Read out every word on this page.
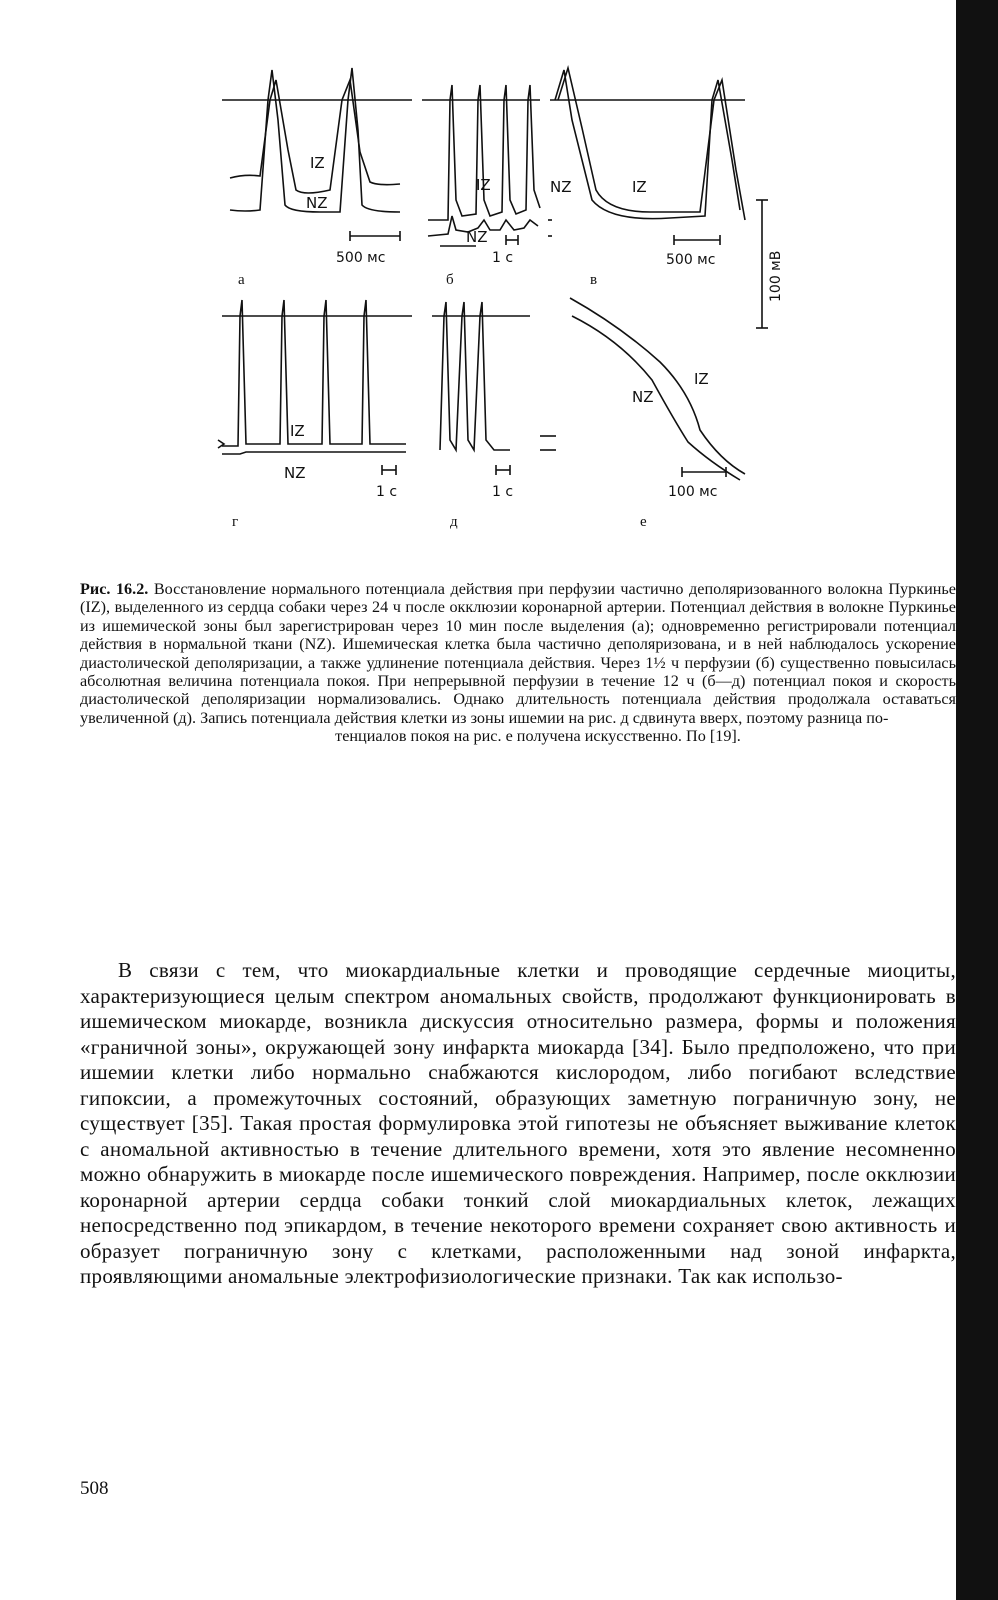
IZ
NZ
IZ
NZ
NZ	IZ
IZ
NZ
IZ
NZ
500 мс	1 с	500 мс
1 с	1 с	100 мс
100 мВ
а	б	в
г	д	е

Рис. 16.2. Восстановление нормального потенциала действия при перфузии частично деполяризованного волокна Пуркинье (IZ), выделенного из сердца собаки через 24 ч после окклюзии коронарной артерии. Потенциал действия в волокне Пуркинье из ишемической зоны был зарегистрирован через 10 мин после выделения (а); одновременно регистрировали потенциал действия в нормальной ткани (NZ). Ишемическая клетка была частично деполяризована, и в ней наблюдалось ускорение диастолической деполяризации, а также удлинение потенциала действия. Через 1½ ч перфузии (б) существенно повысилась абсолютная величина потенциала покоя. При непрерывной перфузии в течение 12 ч (б—д) потенциал покоя и скорость диастолической деполяризации нормализовались. Однако длительность потенциала действия продолжала оставаться увеличенной (д). Запись потенциала действия клетки из зоны ишемии на рис. д сдвинута вверх, поэтому разница по-

тенциалов покоя на рис. е получена искусственно. По [19].

В связи с тем, что миокардиальные клетки и проводящие сердечные миоциты, характеризующиеся целым спектром аномальных свойств, продолжают функционировать в ишемическом миокарде, возникла дискуссия относительно размера, формы и положения «граничной зоны», окружающей зону инфаркта миокарда [34]. Было предположено, что при ишемии клетки либо нормально снабжаются кислородом, либо погибают вследствие гипоксии, а промежуточных состояний, образующих заметную пограничную зону, не существует [35]. Такая простая формулировка этой гипотезы не объясняет выживание клеток с аномальной активностью в течение длительного времени, хотя это явление несомненно можно обнаружить в миокарде после ишемического повреждения. Например, после окклюзии коронарной артерии сердца собаки тонкий слой миокардиальных клеток, лежащих непосредственно под эпикардом, в течение некоторого времени сохраняет свою активность и образует пограничную зону с клетками, расположенными над зоной инфаркта, проявляющими аномальные электрофизиологические признаки. Так как использо-

508
